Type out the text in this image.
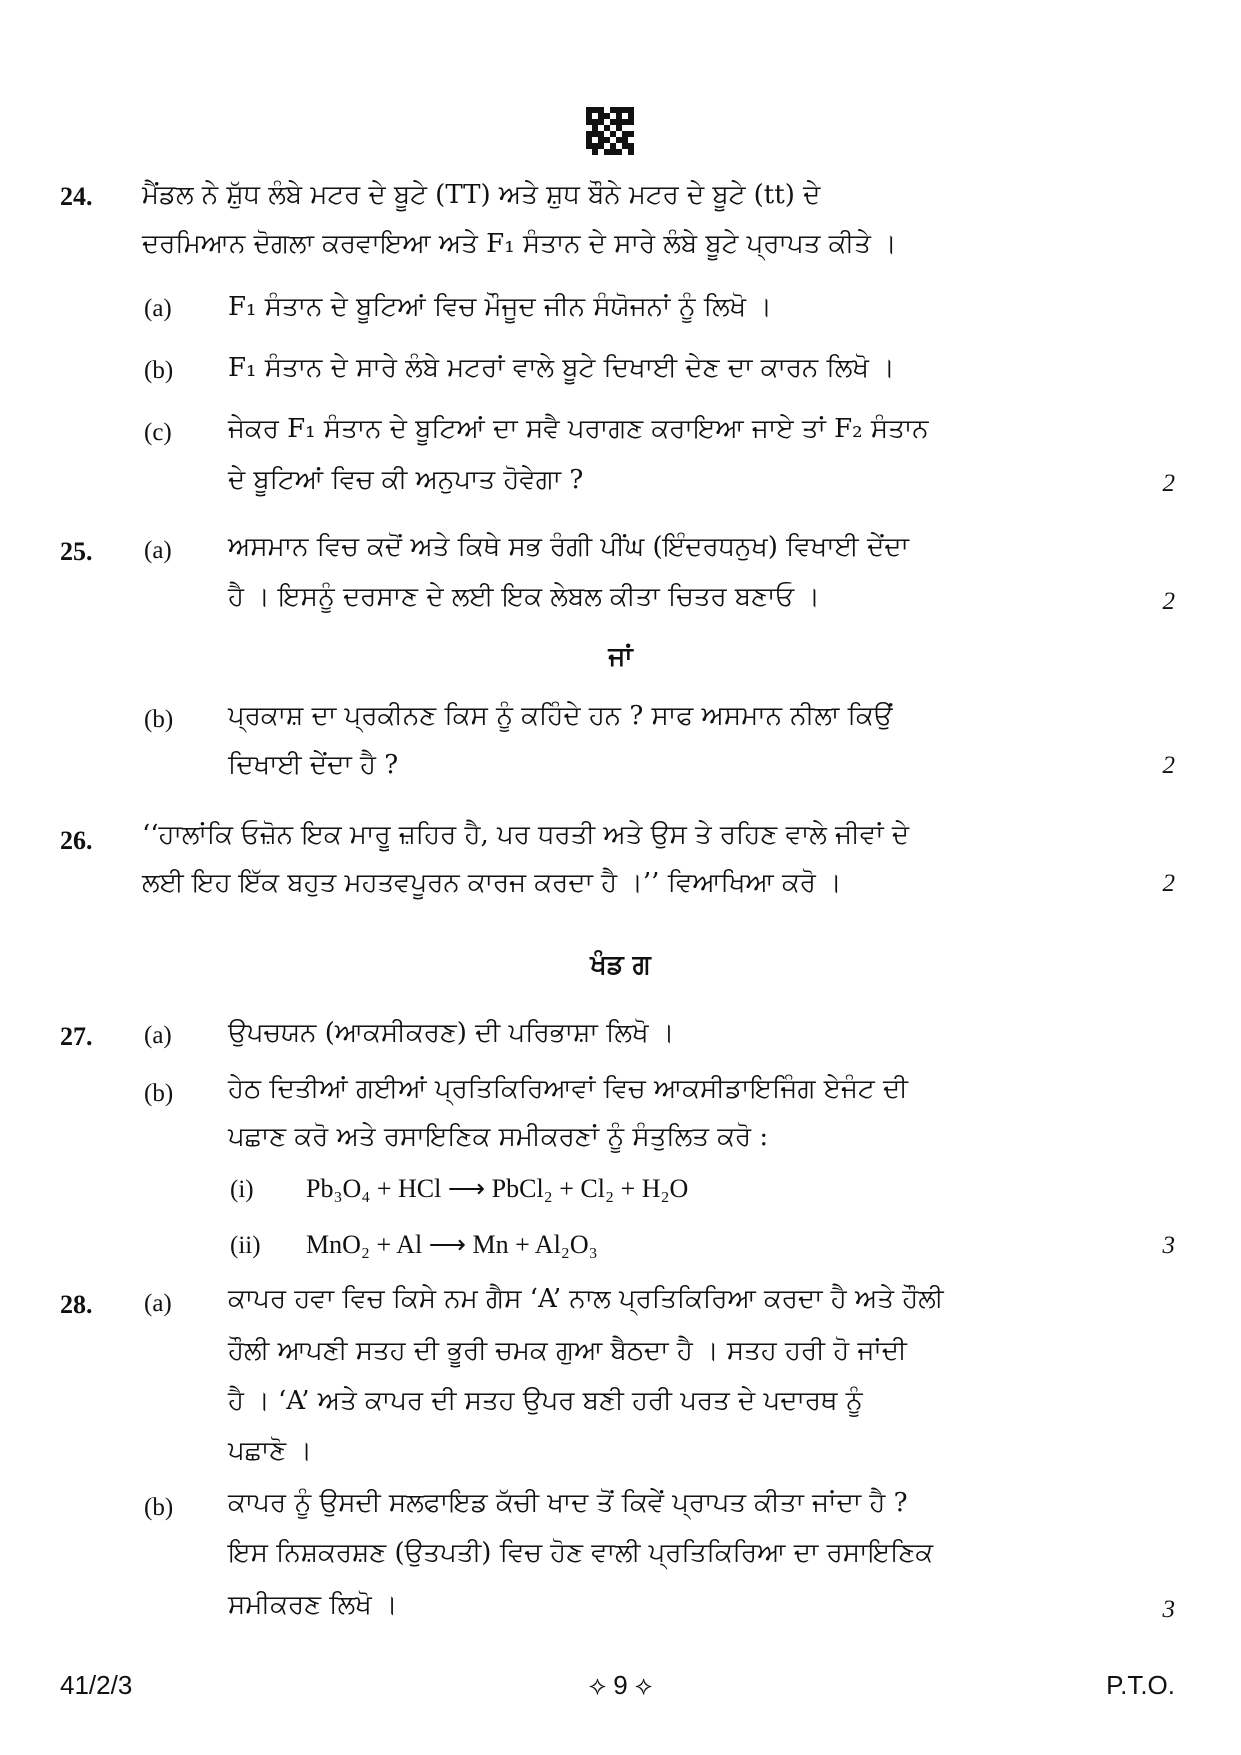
24. ਮੈਂਡਲ ਨੇ ਸ਼ੁੱਧ ਲੰਬੇ ਮਟਰ ਦੇ ਬੂਟੇ (TT) ਅਤੇ ਸ਼ੁਧ ਬੌਨੇ ਮਟਰ ਦੇ ਬੂਟੇ (tt) ਦੇ
ਦਰਮਿਆਨ ਦੋਗਲਾ ਕਰਵਾਇਆ ਅਤੇ F₁ ਸੰਤਾਨ ਦੇ ਸਾਰੇ ਲੰਬੇ ਬੂਟੇ ਪ੍ਰਾਪਤ ਕੀਤੇ ।
(a) F₁ ਸੰਤਾਨ ਦੇ ਬੂਟਿਆਂ ਵਿਚ ਮੌਜੂਦ ਜੀਨ ਸੰਯੋਜਨਾਂ ਨੂੰ ਲਿਖੋ ।
(b) F₁ ਸੰਤਾਨ ਦੇ ਸਾਰੇ ਲੰਬੇ ਮਟਰਾਂ ਵਾਲੇ ਬੂਟੇ ਦਿਖਾਈ ਦੇਣ ਦਾ ਕਾਰਨ ਲਿਖੋ ।
(c) ਜੇਕਰ F₁ ਸੰਤਾਨ ਦੇ ਬੂਟਿਆਂ ਦਾ ਸਵੈ ਪਰਾਗਣ ਕਰਾਇਆ ਜਾਏ ਤਾਂ F₂ ਸੰਤਾਨ
ਦੇ ਬੂਟਿਆਂ ਵਿਚ ਕੀ ਅਨੁਪਾਤ ਹੋਵੇਗਾ ?	2
25. (a) ਅਸਮਾਨ ਵਿਚ ਕਦੋਂ ਅਤੇ ਕਿਥੇ ਸਭ ਰੰਗੀ ਪੀਂਘ (ਇੰਦਰਧਨੁਖ) ਵਿਖਾਈ ਦੇਂਦਾ
ਹੈ । ਇਸਨੂੰ ਦਰਸਾਣ ਦੇ ਲਈ ਇਕ ਲੇਬਲ ਕੀਤਾ ਚਿਤਰ ਬਣਾਓ ।	2
ਜਾਂ
(b) ਪ੍ਰਕਾਸ਼ ਦਾ ਪ੍ਰਕੀਨਣ ਕਿਸ ਨੂੰ ਕਹਿੰਦੇ ਹਨ ? ਸਾਫ ਅਸਮਾਨ ਨੀਲਾ ਕਿਉਂ
ਦਿਖਾਈ ਦੇਂਦਾ ਹੈ ?	2
26. ‘‘ਹਾਲਾਂਕਿ ਓਜ਼ੋਨ ਇਕ ਮਾਰੂ ਜ਼ਹਿਰ ਹੈ, ਪਰ ਧਰਤੀ ਅਤੇ ਉਸ ਤੇ ਰਹਿਣ ਵਾਲੇ ਜੀਵਾਂ ਦੇ
ਲਈ ਇਹ ਇੱਕ ਬਹੁਤ ਮਹਤਵਪੂਰਨ ਕਾਰਜ ਕਰਦਾ ਹੈ ।’’ ਵਿਆਖਿਆ ਕਰੋ ।	2
ਖੰਡ ਗ
27. (a) ਉਪਚਯਨ (ਆਕਸੀਕਰਣ) ਦੀ ਪਰਿਭਾਸ਼ਾ ਲਿਖੋ ।
(b) ਹੇਠ ਦਿਤੀਆਂ ਗਈਆਂ ਪ੍ਰਤਿਕਿਰਿਆਵਾਂ ਵਿਚ ਆਕਸੀਡਾਇਜਿੰਗ ਏਜੰਟ ਦੀ
ਪਛਾਣ ਕਰੋ ਅਤੇ ਰਸਾਇਣਿਕ ਸਮੀਕਰਣਾਂ ਨੂੰ ਸੰਤੁਲਿਤ ਕਰੋ :
(i) Pb₃O₄ + HCl ⟶ PbCl₂ + Cl₂ + H₂O
(ii) MnO₂ + Al ⟶ Mn + Al₂O₃	3
28. (a) ਕਾਪਰ ਹਵਾ ਵਿਚ ਕਿਸੇ ਨਮ ਗੈਸ ‘A’ ਨਾਲ ਪ੍ਰਤਿਕਿਰਿਆ ਕਰਦਾ ਹੈ ਅਤੇ ਹੌਲੀ
ਹੌਲੀ ਆਪਣੀ ਸਤਹ ਦੀ ਭੂਰੀ ਚਮਕ ਗੁਆ ਬੈਠਦਾ ਹੈ । ਸਤਹ ਹਰੀ ਹੋ ਜਾਂਦੀ
ਹੈ । ‘A’ ਅਤੇ ਕਾਪਰ ਦੀ ਸਤਹ ਉਪਰ ਬਣੀ ਹਰੀ ਪਰਤ ਦੇ ਪਦਾਰਥ ਨੂੰ
ਪਛਾਣੋ ।
(b) ਕਾਪਰ ਨੂੰ ਉਸਦੀ ਸਲਫਾਇਡ ਕੱਚੀ ਖਾਦ ਤੋਂ ਕਿਵੇਂ ਪ੍ਰਾਪਤ ਕੀਤਾ ਜਾਂਦਾ ਹੈ ?
ਇਸ ਨਿਸ਼ਕਰਸ਼ਣ (ਉਤਪਤੀ) ਵਿਚ ਹੋਣ ਵਾਲੀ ਪ੍ਰਤਿਕਿਰਿਆ ਦਾ ਰਸਾਇਣਿਕ
ਸਮੀਕਰਣ ਲਿਖੋ ।	3
41/2/3	⟡ 9 ⟡	P.T.O.
